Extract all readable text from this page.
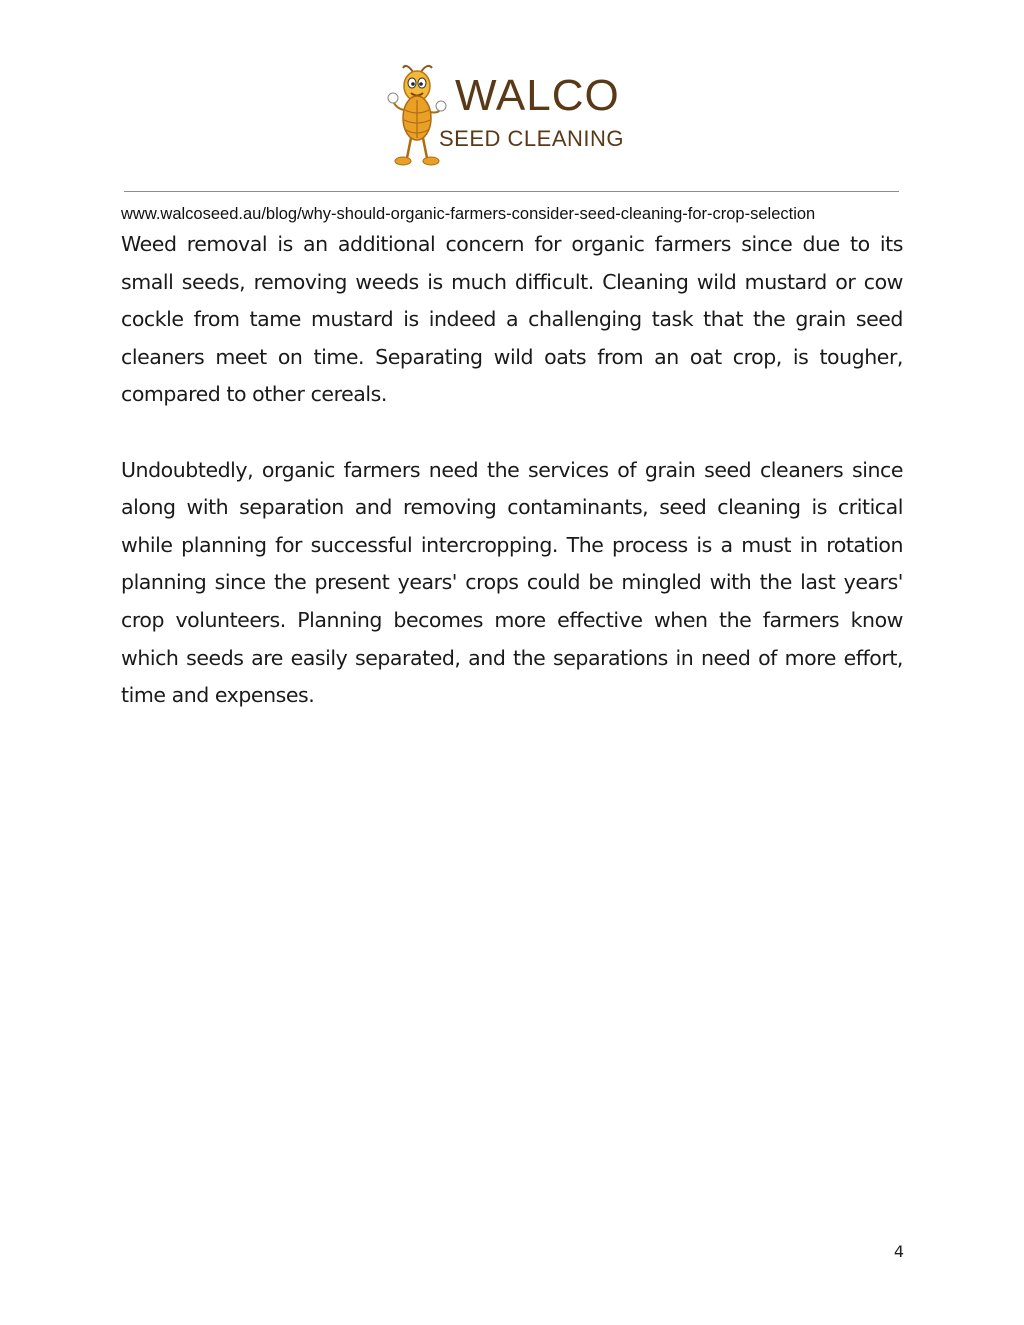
WALCO
SEED CLEANING
www.walcoseed.au/blog/why-should-organic-farmers-consider-seed-cleaning-for-crop-selection

Weed removal is an additional concern for organic farmers since due to its small seeds, removing weeds is much difficult. Cleaning wild mustard or cow cockle from tame mustard is indeed a challenging task that the grain seed cleaners meet on time. Separating wild oats from an oat crop, is tougher, compared to other cereals.

Undoubtedly, organic farmers need the services of grain seed cleaners since along with separation and removing contaminants, seed cleaning is critical while planning for successful intercropping. The process is a must in rotation planning since the present years' crops could be mingled with the last years' crop volunteers. Planning becomes more effective when the farmers know which seeds are easily separated, and the separations in need of more effort, time and expenses.

4
